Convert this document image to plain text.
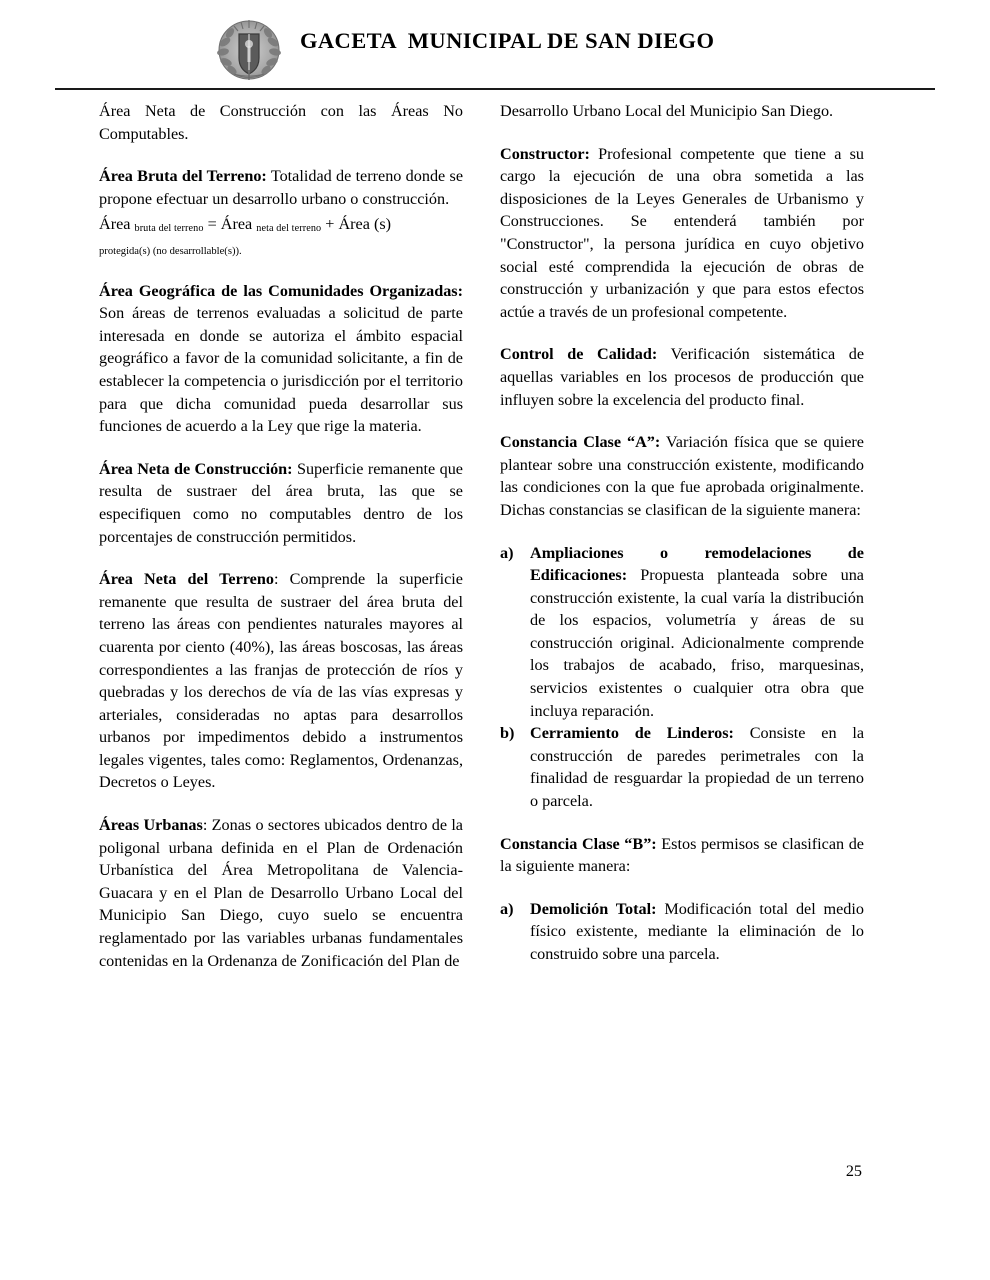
GACETA  MUNICIPAL DE SAN DIEGO

Área Neta de Construcción con las Áreas No Computables.

Área Bruta del Terreno: Totalidad de terreno donde se propone efectuar un desarrollo urbano o construcción.

Área $_{bruta del terreno}$ = Área $_{neta del terreno}$ + Área (s)

protegida(s) (no desarrollable(s)).

Área Geográfica de las Comunidades Organizadas: Son áreas de terrenos evaluadas a solicitud de parte interesada en donde se autoriza el ámbito espacial geográfico a favor de la comunidad solicitante, a fin de establecer la competencia o jurisdicción por el territorio para que dicha comunidad pueda desarrollar sus funciones de acuerdo a la Ley que rige la materia.

Área Neta de Construcción: Superficie remanente que resulta de sustraer del área bruta, las que se especifiquen como no computables dentro de los porcentajes de construcción permitidos.

Área Neta del Terreno: Comprende la superficie remanente que resulta de sustraer del área bruta del terreno las áreas con pendientes naturales mayores al cuarenta por ciento (40%), las áreas boscosas, las áreas correspondientes a las franjas de protección de ríos y quebradas y los derechos de vía de las vías expresas y arteriales, consideradas no aptas para desarrollos urbanos por impedimentos debido a instrumentos legales vigentes, tales como: Reglamentos, Ordenanzas, Decretos o Leyes.

Áreas Urbanas: Zonas o sectores ubicados dentro de la poligonal urbana definida en el Plan de Ordenación Urbanística del Área Metropolitana de Valencia-Guacara y en el Plan de Desarrollo Urbano Local del Municipio San Diego, cuyo suelo se encuentra reglamentado por las variables urbanas fundamentales contenidas en la Ordenanza de Zonificación del Plan de

Desarrollo Urbano Local del Municipio San Diego.

Constructor: Profesional competente que tiene a su cargo la ejecución de una obra sometida a las disposiciones de la Leyes Generales de Urbanismo y Construcciones. Se entenderá también por "Constructor", la persona jurídica en cuyo objetivo social esté comprendida la ejecución de obras de construcción y urbanización y que para estos efectos actúe a través de un profesional competente.

Control de Calidad: Verificación sistemática de aquellas variables en los procesos de producción que influyen sobre la excelencia del producto final.

Constancia Clase “A”: Variación física que se quiere plantear sobre una construcción existente, modificando las condiciones con la que fue aprobada originalmente. Dichas constancias se clasifican de la siguiente manera:

a)	Ampliaciones o remodelaciones de Edificaciones: Propuesta planteada sobre una construcción existente, la cual varía la distribución de los espacios, volumetría y áreas de su construcción original. Adicionalmente comprende los trabajos de acabado, friso, marquesinas, servicios existentes o cualquier otra obra que incluya reparación.
b) Cerramiento de Linderos: Consiste en la construcción de paredes perimetrales con la finalidad de resguardar la propiedad de un terreno o parcela.

Constancia Clase “B”: Estos permisos se clasifican de la siguiente manera:

a)	Demolición Total: Modificación total del medio físico existente, mediante la eliminación de lo construido sobre una parcela.
25
